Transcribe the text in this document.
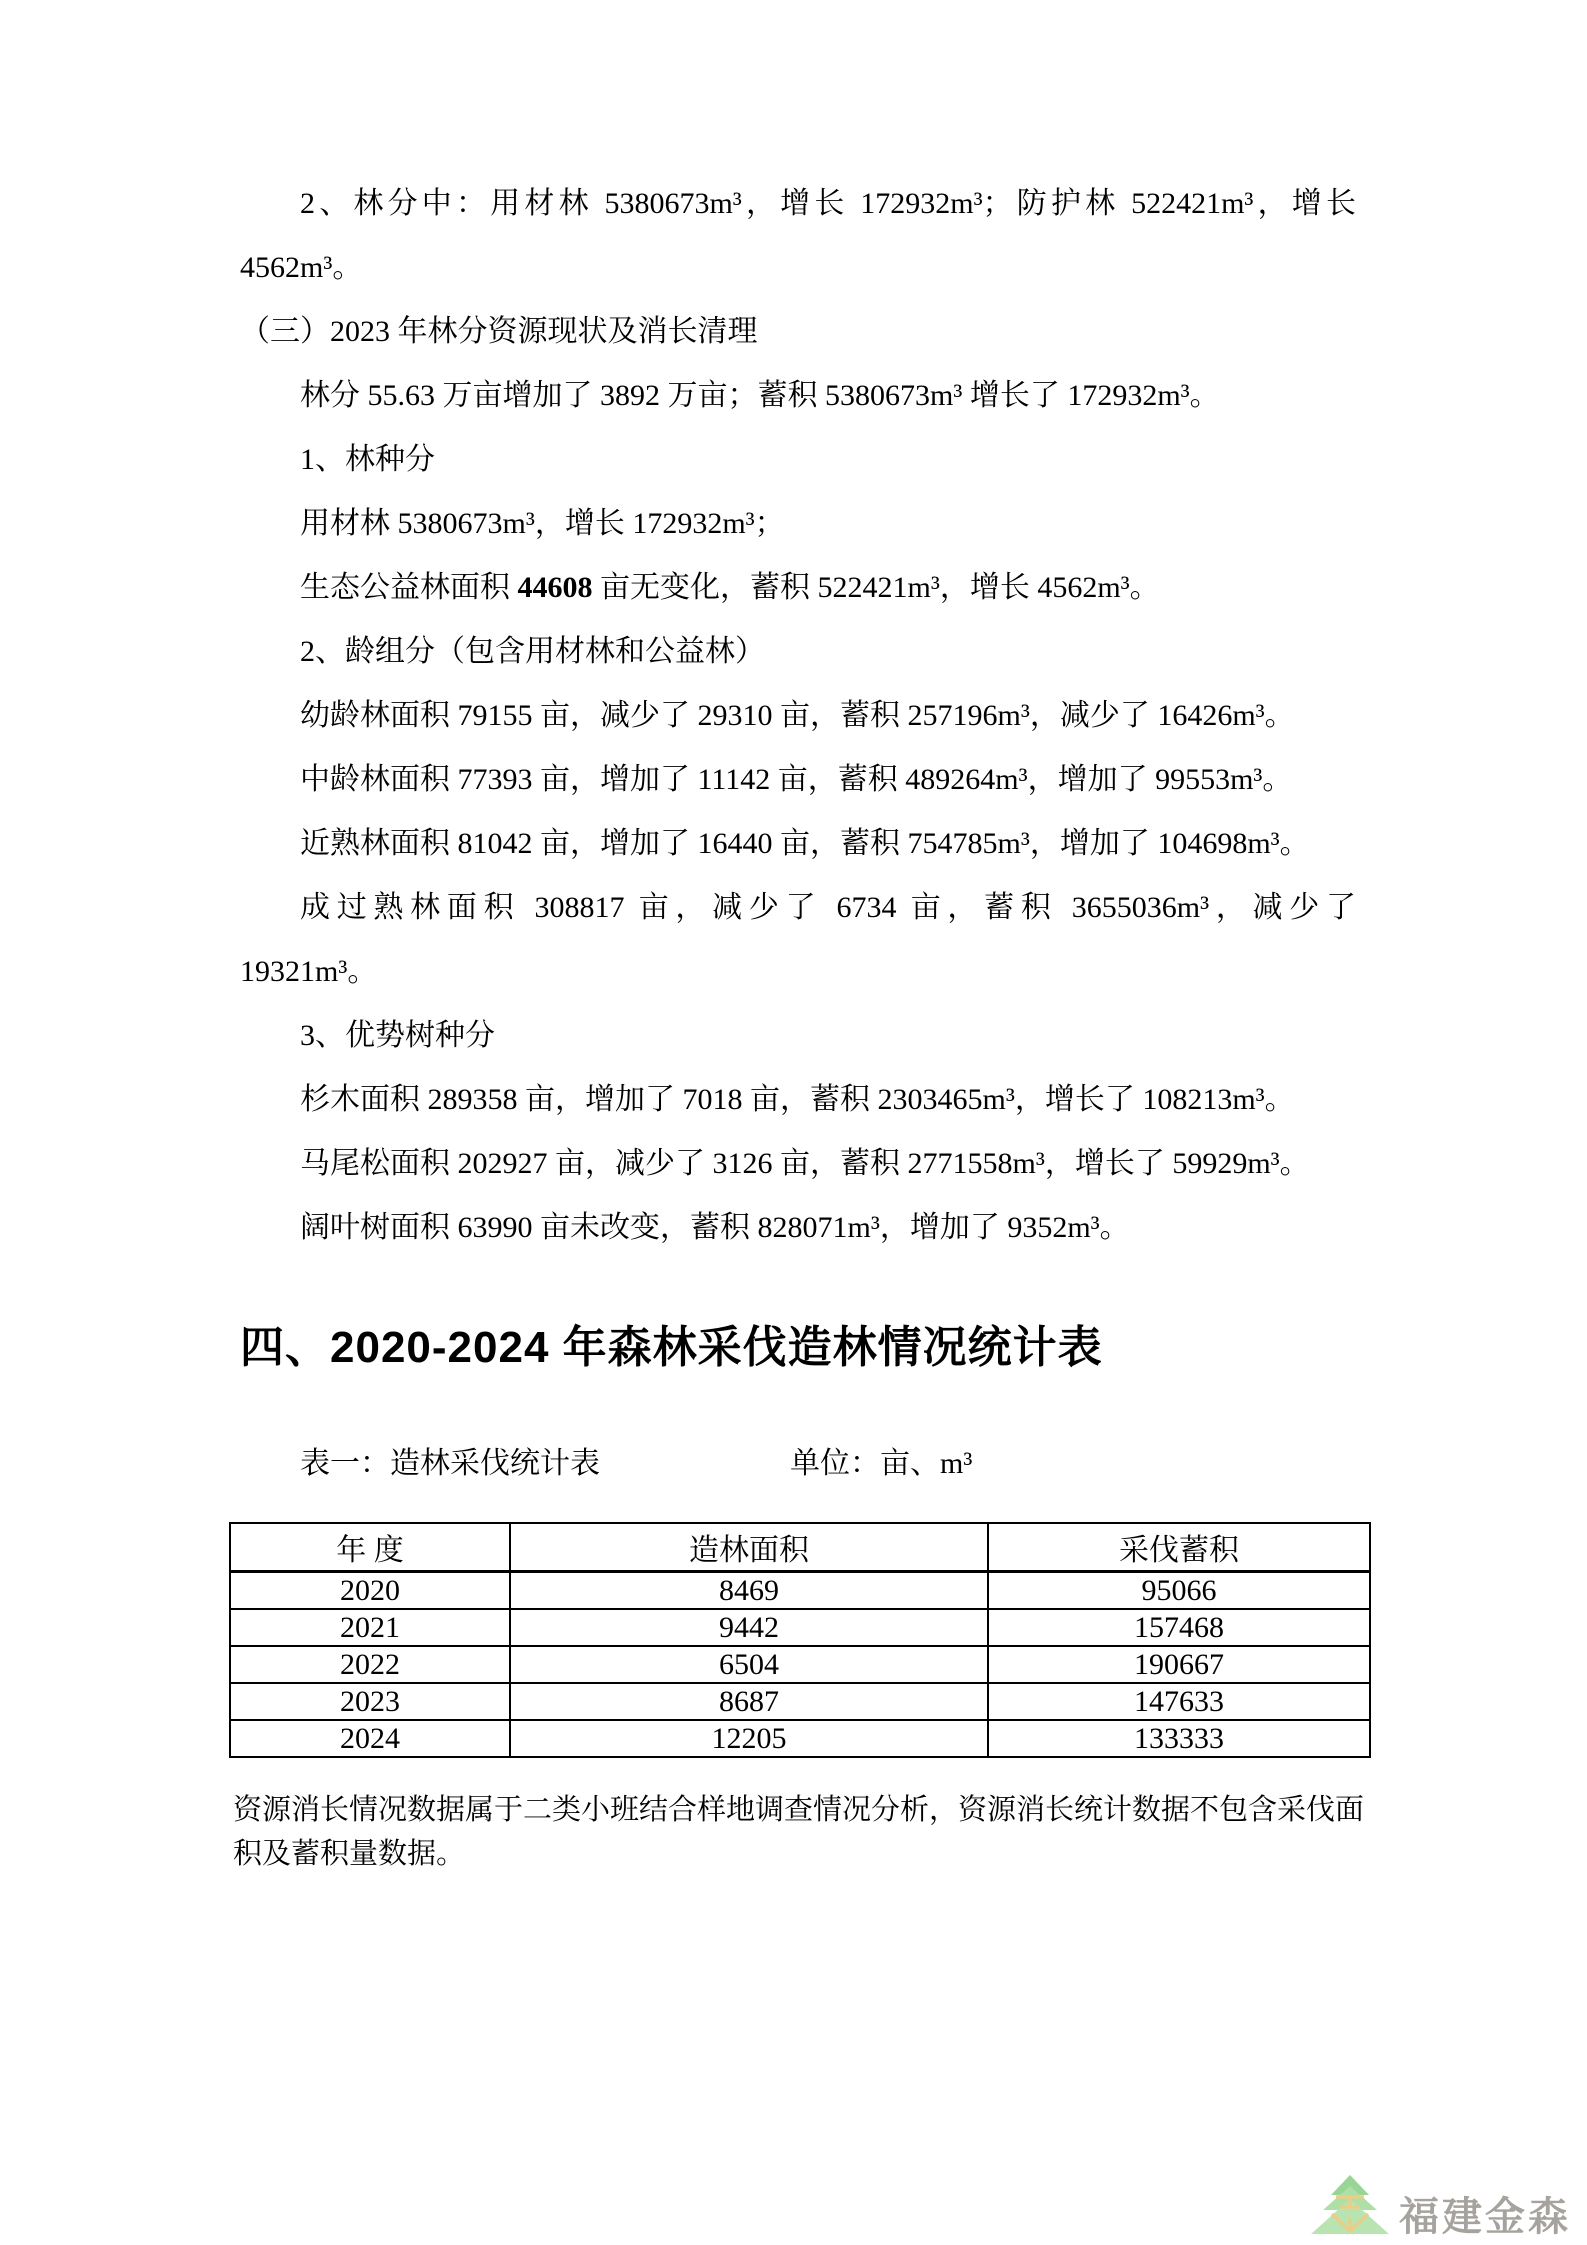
2、林分中：用材林 5380673m³，增长 172932m³；防护林 522421m³，增长
4562m³。
（三）2023 年林分资源现状及消长清理
林分 55.63 万亩增加了 3892 万亩；蓄积 5380673m³ 增长了 172932m³。
1、林种分
用材林 5380673m³，增长 172932m³；
生态公益林面积 44608 亩无变化，蓄积 522421m³，增长 4562m³。
2、龄组分（包含用材林和公益林）
幼龄林面积 79155 亩，减少了 29310 亩，蓄积 257196m³，减少了 16426m³。
中龄林面积 77393 亩，增加了 11142 亩，蓄积 489264m³，增加了 99553m³。
近熟林面积 81042 亩，增加了 16440 亩，蓄积 754785m³，增加了 104698m³。
成过熟林面积 308817 亩，减少了 6734 亩，蓄积 3655036m³，减少了
19321m³。
3、优势树种分
杉木面积 289358 亩，增加了 7018 亩，蓄积 2303465m³，增长了 108213m³。
马尾松面积 202927 亩，减少了 3126 亩，蓄积 2771558m³，增长了 59929m³。
阔叶树面积 63990 亩未改变，蓄积 828071m³，增加了 9352m³。
四、2020-2024 年森林采伐造林情况统计表
表一：造林采伐统计表	单位：亩、m³
年 度	造林面积	采伐蓄积
2020	8469	95066
2021	9442	157468
2022	6504	190667
2023	8687	147633
2024	12205	133333
资源消长情况数据属于二类小班结合样地调查情况分析，资源消长统计数据不包含采伐面
积及蓄积量数据。
福建金森
